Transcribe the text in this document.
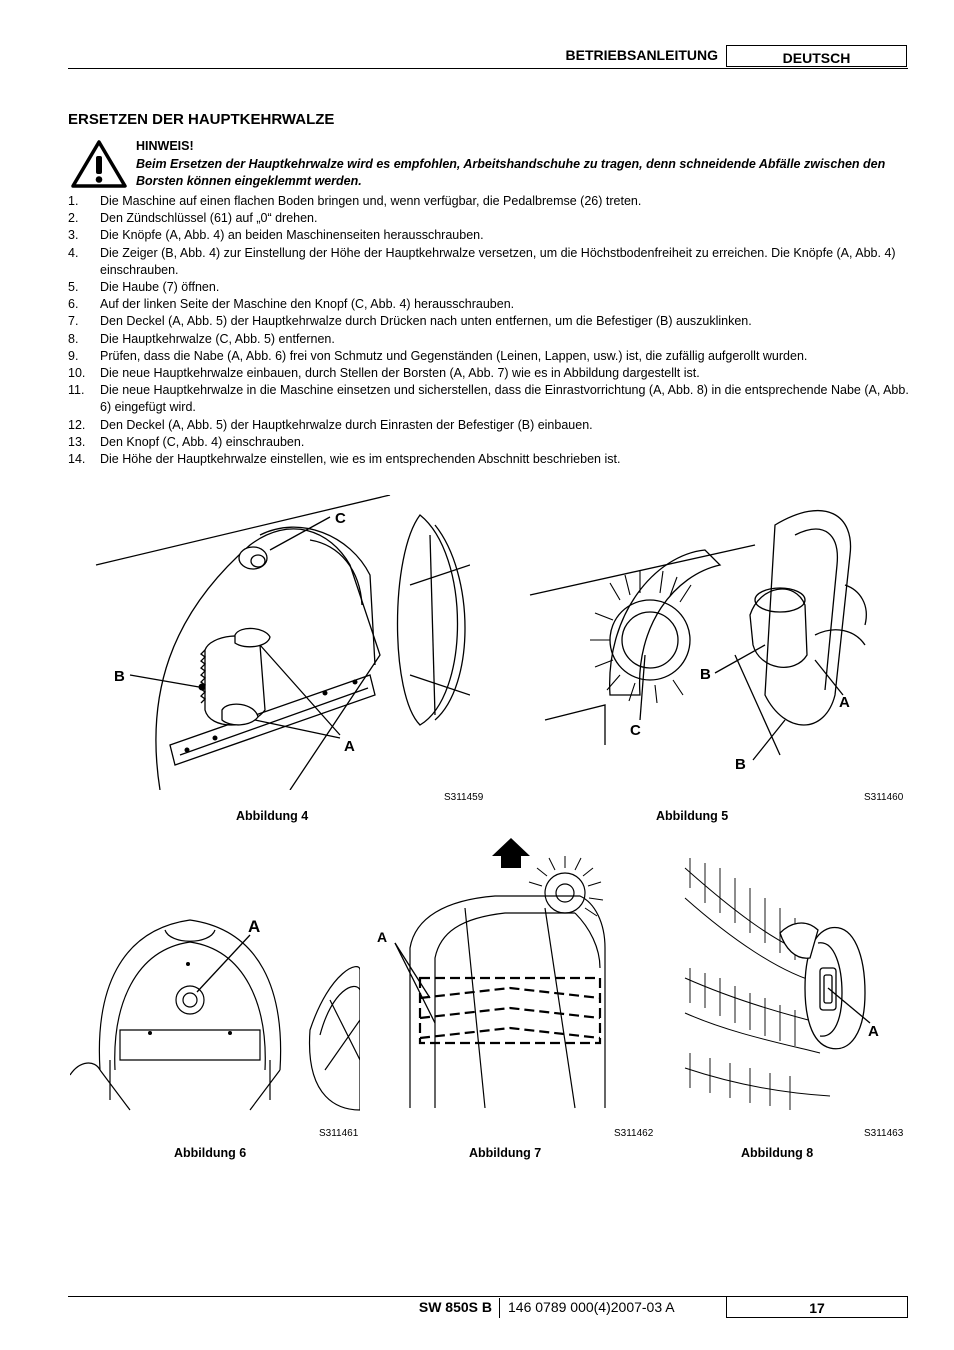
BETRIEBSANLEITUNG	DEUTSCH
ERSETZEN DER HAUPTKEHRWALZE
HINWEIS!
Beim Ersetzen der Hauptkehrwalze wird es empfohlen, Arbeitshandschuhe zu tragen, denn schneidende Abfälle zwischen den Borsten können eingeklemmt werden.
1.	Die Maschine auf einen flachen Boden bringen und, wenn verfügbar, die Pedalbremse (26) treten.
2.	Den Zündschlüssel (61) auf „0“ drehen.
3.	Die Knöpfe (A, Abb. 4) an beiden Maschinenseiten herausschrauben.
4.	Die Zeiger (B, Abb. 4) zur Einstellung der Höhe der Hauptkehrwalze versetzen, um die Höchstbodenfreiheit zu erreichen. Die Knöpfe (A, Abb. 4) einschrauben.
5.	Die Haube (7) öffnen.
6.	Auf der linken Seite der Maschine den Knopf (C, Abb. 4) herausschrauben.
7.	Den Deckel (A, Abb. 5) der Hauptkehrwalze durch Drücken nach unten entfernen, um die Befestiger (B) auszuklinken.
8.	Die Hauptkehrwalze (C, Abb. 5) entfernen.
9.	Prüfen, dass die Nabe (A, Abb. 6) frei von Schmutz und Gegenständen (Leinen, Lappen, usw.) ist, die zufällig aufgerollt wurden.
10.	Die neue Hauptkehrwalze einbauen, durch Stellen der Borsten (A, Abb. 7) wie es in Abbildung dargestellt ist.
11.	Die neue Hauptkehrwalze in die Maschine einsetzen und sicherstellen, dass die Einrastvorrichtung (A, Abb. 8) in die entsprechende Nabe (A, Abb. 6) eingefügt wird.
12.	Den Deckel (A, Abb. 5) der Hauptkehrwalze durch Einrasten der Befestiger (B) einbauen.
13.	Den Knopf (C, Abb. 4) einschrauben.
14.	Die Höhe der Hauptkehrwalze einstellen, wie es im entsprechenden Abschnitt beschrieben ist.
C
B
A
S311459
Abbildung 4
B
A
C
B
S311460
Abbildung 5
A
S311461
Abbildung 6
A
S311462
Abbildung 7
A
S311463
Abbildung 8
SW 850S B 146 0789 000(4)2007-03 A	17
